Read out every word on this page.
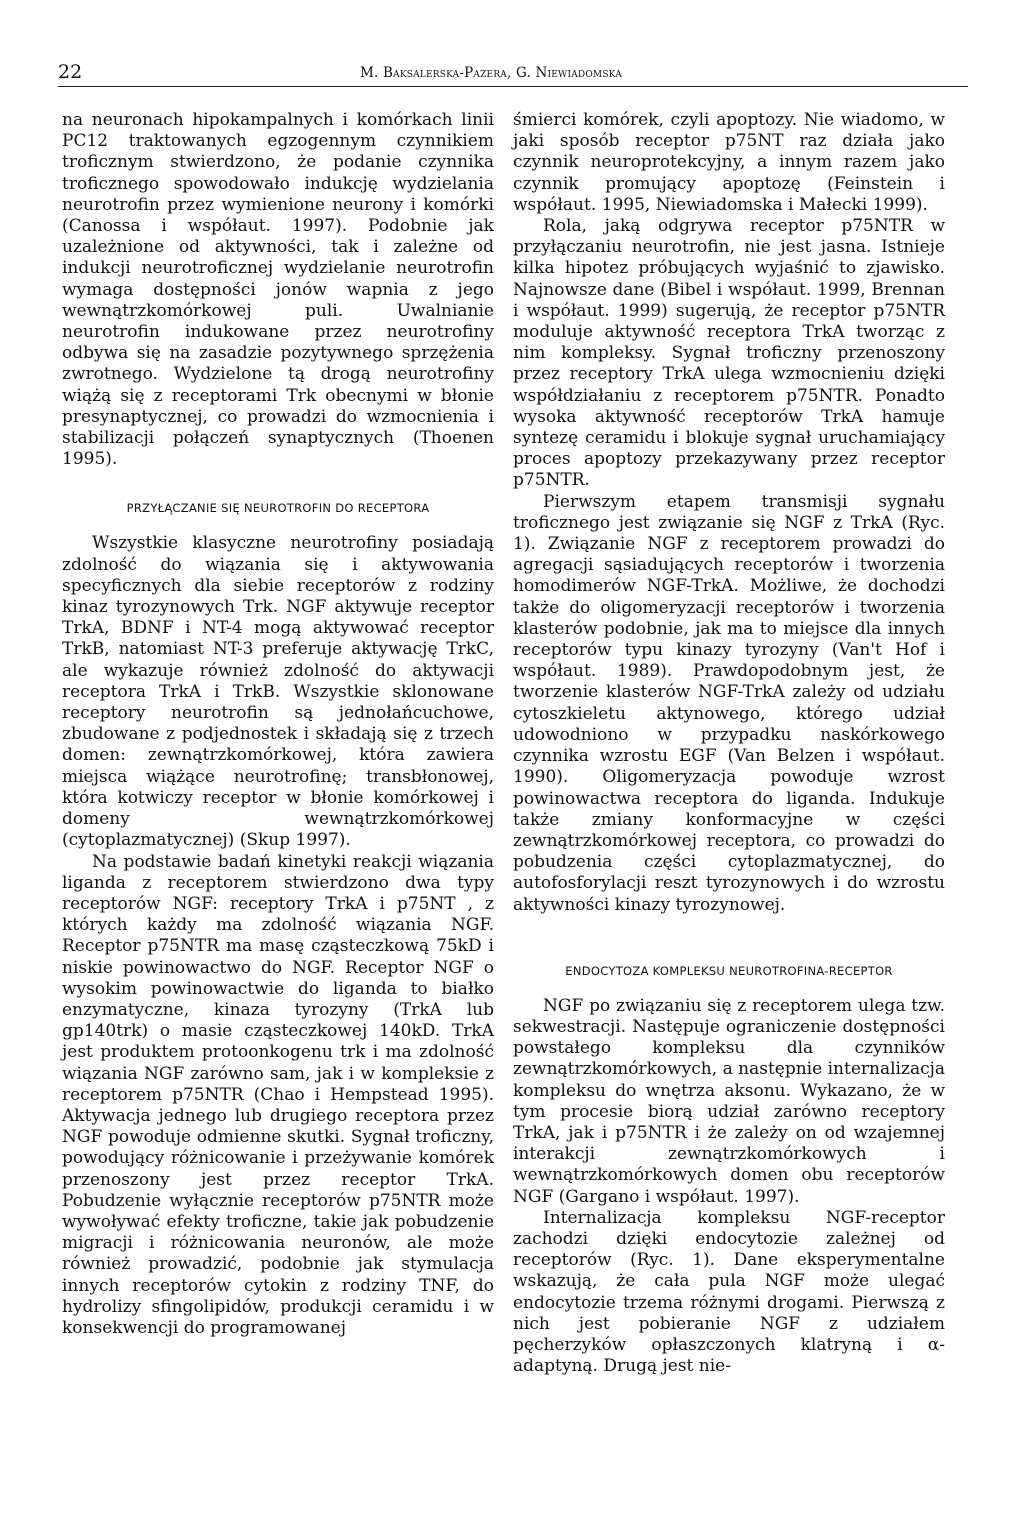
22	M. Baksalerska-Pazera, G. Niewiadomska

na neuronach hipokampalnych i komórkach linii PC12 traktowanych egzogennym czynnikiem troficznym stwierdzono, że podanie czynnika troficznego spowodowało indukcję wydzielania neurotrofin przez wymienione neurony i komórki (Canossa i współaut. 1997). Podobnie jak uzależnione od aktywności, tak i zależne od indukcji neurotroficznej wydzielanie neurotrofin wymaga dostępności jonów wapnia z jego wewnątrzkomórkowej puli. Uwalnianie neurotrofin indukowane przez neurotrofiny odbywa się na zasadzie pozytywnego sprzężenia zwrotnego. Wydzielone tą drogą neurotrofiny wiążą się z receptorami Trk obecnymi w błonie presynaptycznej, co prowadzi do wzmocnienia i stabilizacji połączeń synaptycznych (Thoenen 1995).

PRZYŁĄCZANIE SIĘ NEUROTROFIN DO RECEPTORA

Wszystkie klasyczne neurotrofiny posiadają zdolność do wiązania się i aktywowania specyficznych dla siebie receptorów z rodziny kinaz tyrozynowych Trk. NGF aktywuje receptor TrkA, BDNF i NT-4 mogą aktywować receptor TrkB, natomiast NT-3 preferuje aktywację TrkC, ale wykazuje również zdolność do aktywacji receptora TrkA i TrkB. Wszystkie sklonowane receptory neurotrofin są jednołańcuchowe, zbudowane z podjednostek i składają się z trzech domen: zewnątrzkomórkowej, która zawiera miejsca wiążące neurotrofinę; transbłonowej, która kotwiczy receptor w błonie komórkowej i domeny wewnątrzkomórkowej (cytoplazmatycznej) (Skup 1997).

Na podstawie badań kinetyki reakcji wiązania liganda z receptorem stwierdzono dwa typy receptorów NGF: receptory TrkA i p75NT , z których każdy ma zdolność wiązania NGF. Receptor p75NTR ma masę cząsteczkową 75kD i niskie powinowactwo do NGF. Receptor NGF o wysokim powinowactwie do liganda to białko enzymatyczne, kinaza tyrozyny (TrkA lub gp140trk) o masie cząsteczkowej 140kD. TrkA jest produktem protoonkogenu trk i ma zdolność wiązania NGF zarówno sam, jak i w kompleksie z receptorem p75NTR (Chao i Hempstead 1995). Aktywacja jednego lub drugiego receptora przez NGF powoduje odmienne skutki. Sygnał troficzny, powodujący różnicowanie i przeżywanie komórek przenoszony jest przez receptor TrkA. Pobudzenie wyłącznie receptorów p75NTR może wywoływać efekty troficzne, takie jak pobudzenie migracji i różnicowania neuronów, ale może również prowadzić, podobnie jak stymulacja innych receptorów cytokin z rodziny TNF, do hydrolizy sfingolipidów, produkcji ceramidu i w konsekwencji do programowanej

śmierci komórek, czyli apoptozy. Nie wiadomo, w jaki sposób receptor p75NT raz działa jako czynnik neuroprotekcyjny, a innym razem jako czynnik promujący apoptozę (Feinstein i współaut. 1995, Niewiadomska i Małecki 1999).

Rola, jaką odgrywa receptor p75NTR w przyłączaniu neurotrofin, nie jest jasna. Istnieje kilka hipotez próbujących wyjaśnić to zjawisko. Najnowsze dane (Bibel i współaut. 1999, Brennan i współaut. 1999) sugerują, że receptor p75NTR moduluje aktywność receptora TrkA tworząc z nim kompleksy. Sygnał troficzny przenoszony przez receptory TrkA ulega wzmocnieniu dzięki współdziałaniu z receptorem p75NTR. Ponadto wysoka aktywność receptorów TrkA hamuje syntezę ceramidu i blokuje sygnał uruchamiający proces apoptozy przekazywany przez receptor p75NTR.

Pierwszym etapem transmisji sygnału troficznego jest związanie się NGF z TrkA (Ryc. 1). Związanie NGF z receptorem prowadzi do agregacji sąsiadujących receptorów i tworzenia homodimerów NGF-TrkA. Możliwe, że dochodzi także do oligomeryzacji receptorów i tworzenia klasterów podobnie, jak ma to miejsce dla innych receptorów typu kinazy tyrozyny (Van't Hof i współaut. 1989). Prawdopodobnym jest, że tworzenie klasterów NGF-TrkA zależy od udziału cytoszkieletu aktynowego, którego udział udowodniono w przypadku naskórkowego czynnika wzrostu EGF (Van Belzen i współaut. 1990). Oligomeryzacja powoduje wzrost powinowactwa receptora do liganda. Indukuje także zmiany konformacyjne w części zewnątrzkomórkowej receptora, co prowadzi do pobudzenia części cytoplazmatycznej, do autofosforylacji reszt tyrozynowych i do wzrostu aktywności kinazy tyrozynowej.

ENDOCYTOZA KOMPLEKSU NEUROTROFINA-RECEPTOR

NGF po związaniu się z receptorem ulega tzw. sekwestracji. Następuje ograniczenie dostępności powstałego kompleksu dla czynników zewnątrzkomórkowych, a następnie internalizacja kompleksu do wnętrza aksonu. Wykazano, że w tym procesie biorą udział zarówno receptory TrkA, jak i p75NTR i że zależy on od wzajemnej interakcji zewnątrzkomórkowych i wewnątrzkomórkowych domen obu receptorów NGF (Gargano i współaut. 1997).

Internalizacja kompleksu NGF-receptor zachodzi dzięki endocytozie zależnej od receptorów (Ryc. 1). Dane eksperymentalne wskazują, że cała pula NGF może ulegać endocytozie trzema różnymi drogami. Pierwszą z nich jest pobieranie NGF z udziałem pęcherzyków opłaszczonych klatryną i α-adaptyną. Drugą jest nie-
